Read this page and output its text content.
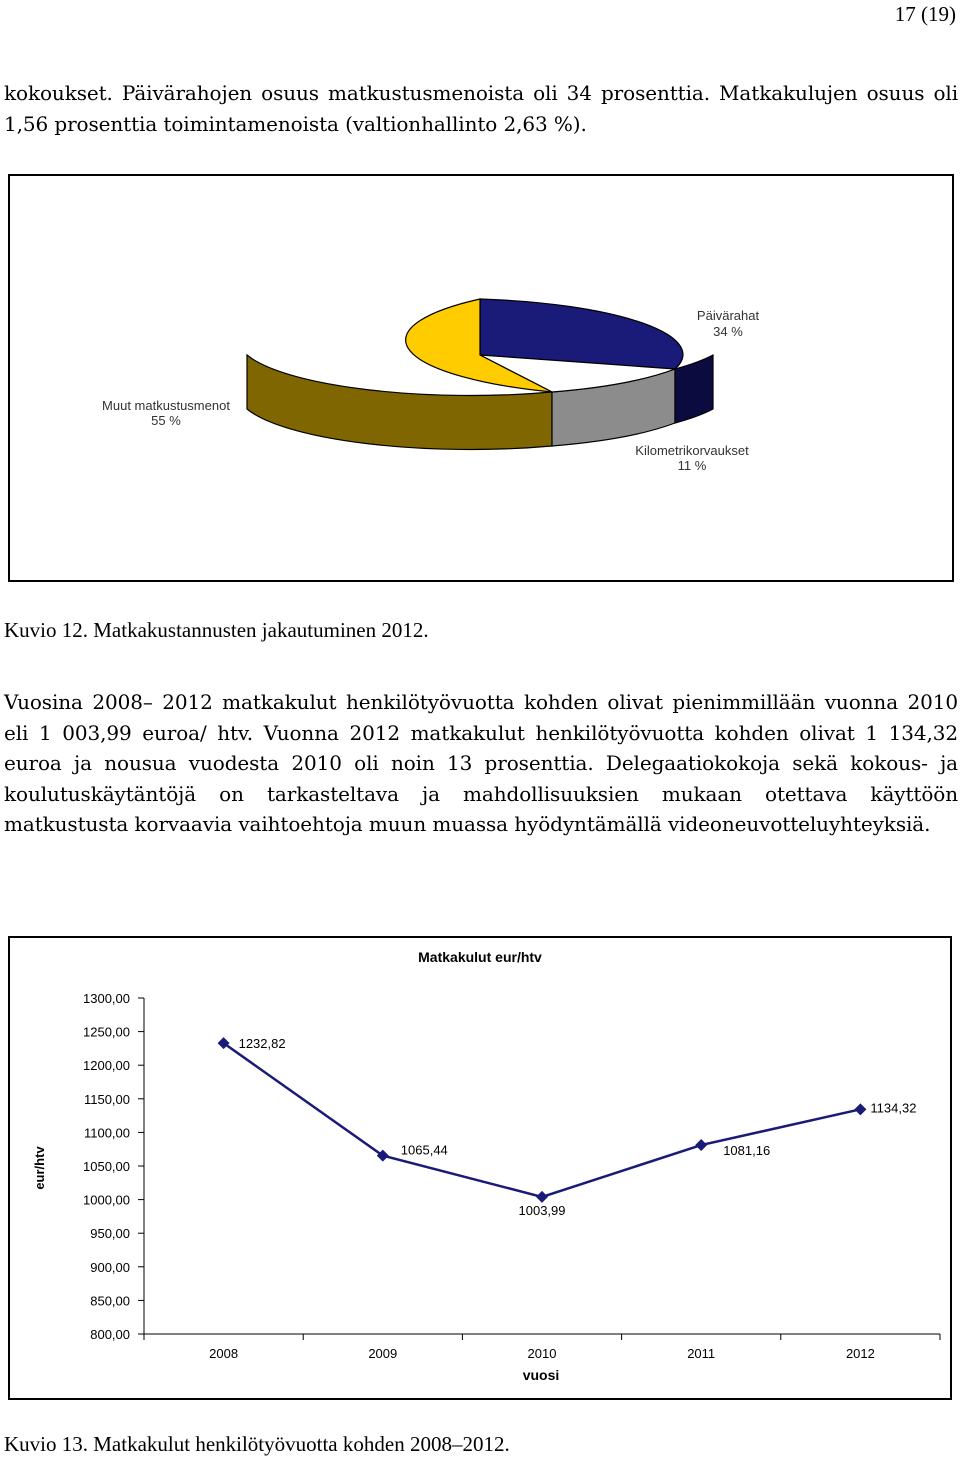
17 (19)
kokoukset. Päivärahojen osuus matkustusmenoista oli 34 prosenttia. Matkakulujen osuus oli 1,56 prosenttia toimintamenoista (valtionhallinto 2,63 %).
Päivärahat
34 %
Muut matkustusmenot
55 %
Kilometrikorvaukset
11 %
Kuvio 12. Matkakustannusten jakautuminen 2012.
Vuosina 2008– 2012 matkakulut henkilötyövuotta kohden olivat pienimmillään vuonna 2010 eli 1 003,99 euroa/ htv. Vuonna 2012 matkakulut henkilötyövuotta kohden olivat 1 134,32 euroa ja nousua vuodesta 2010 oli noin 13 prosenttia. Delegaatiokokoja sekä kokous- ja koulutuskäytäntöjä on tarkasteltava ja mahdollisuuksien mukaan otettava käyttöön matkustusta korvaavia vaihtoehtoja muun muassa hyödyntämällä videoneuvotteluyhteyksiä.
Matkakulut eur/htv
eur/htv
vuosi
1300,00
1250,00
1200,00
1150,00
1100,00
1050,00
1000,00
950,00
900,00
850,00
800,00
2008	2009	2010	2011	2012
1232,82
1065,44
1003,99
1081,16
1134,32
Kuvio 13. Matkakulut henkilötyövuotta kohden 2008–2012.
